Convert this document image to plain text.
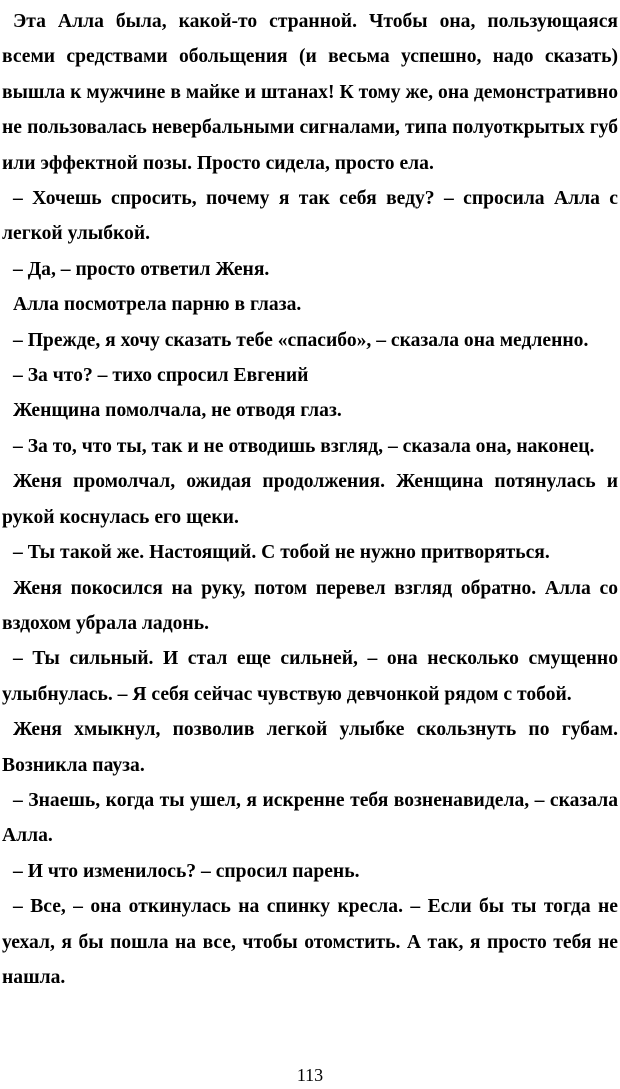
Эта Алла была, какой-то странной. Чтобы она, пользующаяся всеми средствами обольщения (и весьма успешно, надо сказать) вышла к мужчине в майке и штанах! К тому же, она демонстративно не пользовалась невербальными сигналами, типа полуоткрытых губ или эффектной позы. Просто сидела, просто ела.

– Хочешь спросить, почему я так себя веду? – спросила Алла с легкой улыбкой.

– Да, – просто ответил Женя.

Алла посмотрела парню в глаза.

– Прежде, я хочу сказать тебе «спасибо», – сказала она медленно.

– За что? – тихо спросил Евгений

Женщина помолчала, не отводя глаз.

– За то, что ты, так и не отводишь взгляд, – сказала она, наконец.

Женя промолчал, ожидая продолжения. Женщина потянулась и рукой коснулась его щеки.

– Ты такой же. Настоящий. С тобой не нужно притворяться.

Женя покосился на руку, потом перевел взгляд обратно. Алла со вздохом убрала ладонь.

– Ты сильный. И стал еще сильней, – она несколько смущенно улыбнулась. – Я себя сейчас чувствую девчонкой рядом с тобой.

Женя хмыкнул, позволив легкой улыбке скользнуть по губам. Возникла пауза.

– Знаешь, когда ты ушел, я искренне тебя возненавидела, – сказала Алла.

– И что изменилось? – спросил парень.

– Все, – она откинулась на спинку кресла. – Если бы ты тогда не уехал, я бы пошла на все, чтобы отомстить. А так, я просто тебя не нашла.

113
